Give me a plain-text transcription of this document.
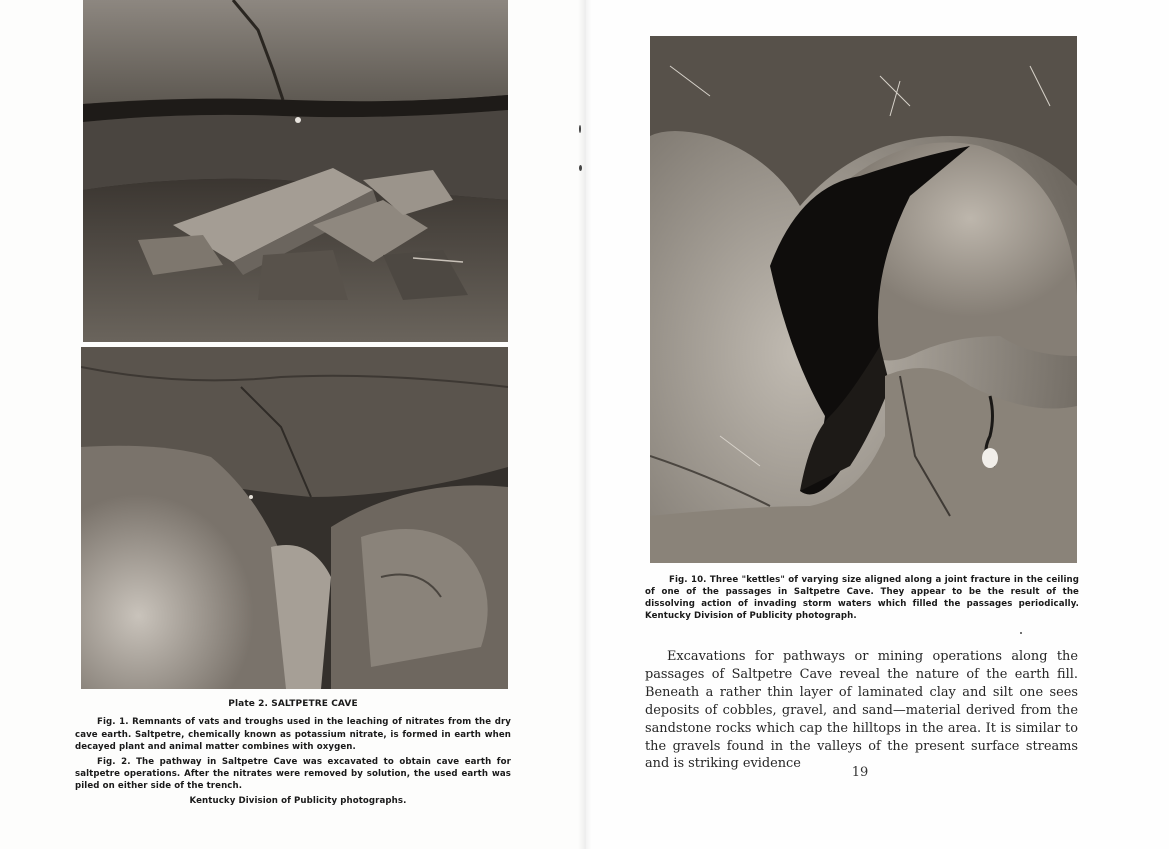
Plate 2. SALTPETRE CAVE

Fig. 1. Remnants of vats and troughs used in the leaching of nitrates from the dry cave earth. Saltpetre, chemically known as potassium nitrate, is formed in earth when decayed plant and animal matter combines with oxygen.

Fig. 2. The pathway in Saltpetre Cave was excavated to obtain cave earth for saltpetre operations. After the nitrates were removed by solution, the used earth was piled on either side of the trench.

Kentucky Division of Publicity photographs.
Fig. 10. Three "kettles" of varying size aligned along a joint fracture in the ceiling of one of the passages in Saltpetre Cave. They appear to be the result of the dissolving action of invading storm waters which filled the passages periodically. Kentucky Division of Publicity photograph.
Excavations for pathways or mining operations along the passages of Saltpetre Cave reveal the nature of the earth fill. Beneath a rather thin layer of laminated clay and silt one sees deposits of cobbles, gravel, and sand—material derived from the sandstone rocks which cap the hilltops in the area. It is similar to the gravels found in the valleys of the present surface streams and is striking evidence
19
